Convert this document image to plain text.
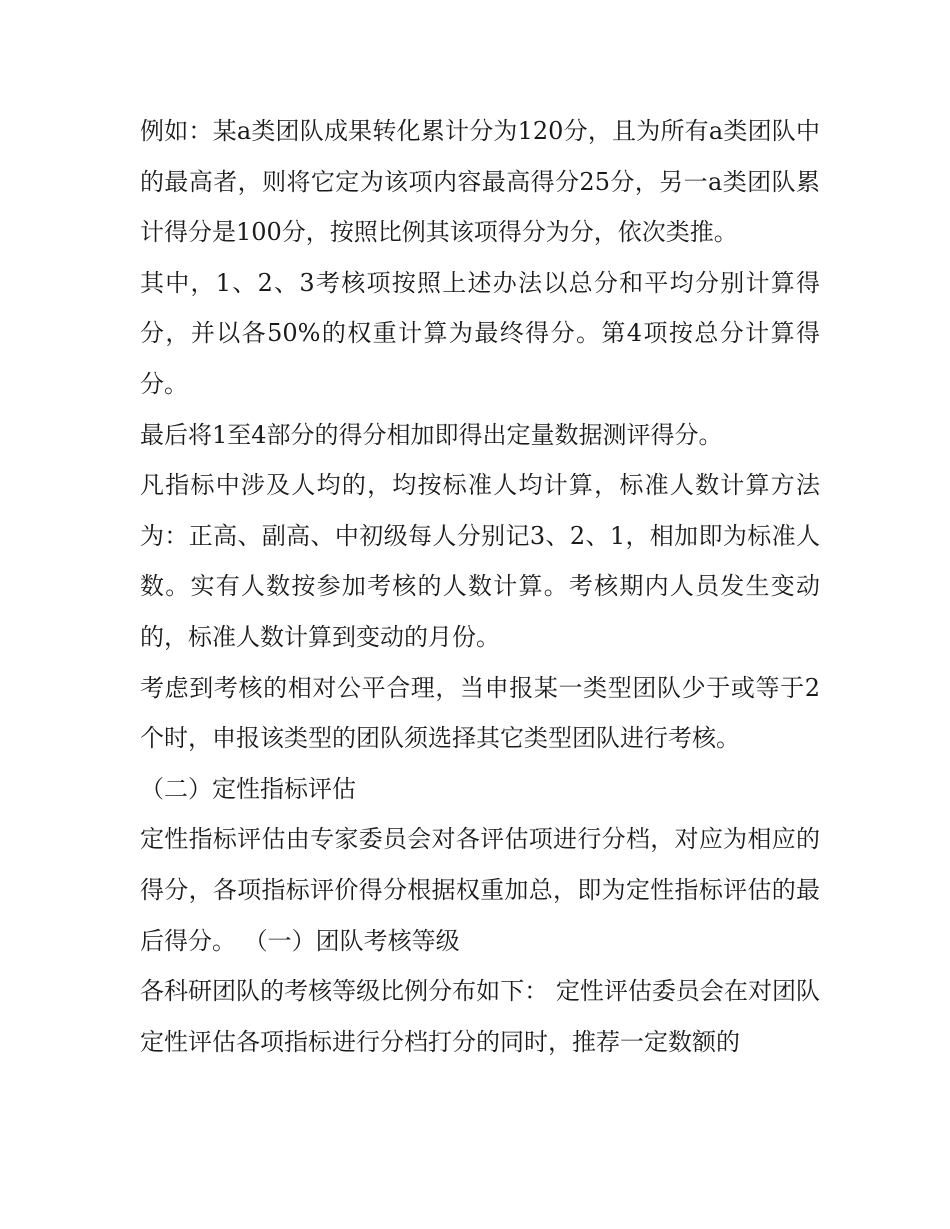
例如：某a类团队成果转化累计分为120分，且为所有a类团队中的最高者，则将它定为该项内容最高得分25分，另一a类团队累计得分是100分，按照比例其该项得分为分，依次类推。

其中，1、2、3考核项按照上述办法以总分和平均分别计算得分，并以各50%的权重计算为最终得分。第4项按总分计算得分。

最后将1至4部分的得分相加即得出定量数据测评得分。

凡指标中涉及人均的，均按标准人均计算，标准人数计算方法为：正高、副高、中初级每人分别记3、2、1，相加即为标准人数。实有人数按参加考核的人数计算。考核期内人员发生变动的，标准人数计算到变动的月份。

考虑到考核的相对公平合理，当申报某一类型团队少于或等于2个时，申报该类型的团队须选择其它类型团队进行考核。

（二）定性指标评估

定性指标评估由专家委员会对各评估项进行分档，对应为相应的得分，各项指标评价得分根据权重加总，即为定性指标评估的最后得分。 （一）团队考核等级

各科研团队的考核等级比例分布如下： 定性评估委员会在对团队定性评估各项指标进行分档打分的同时，推荐一定数额的
